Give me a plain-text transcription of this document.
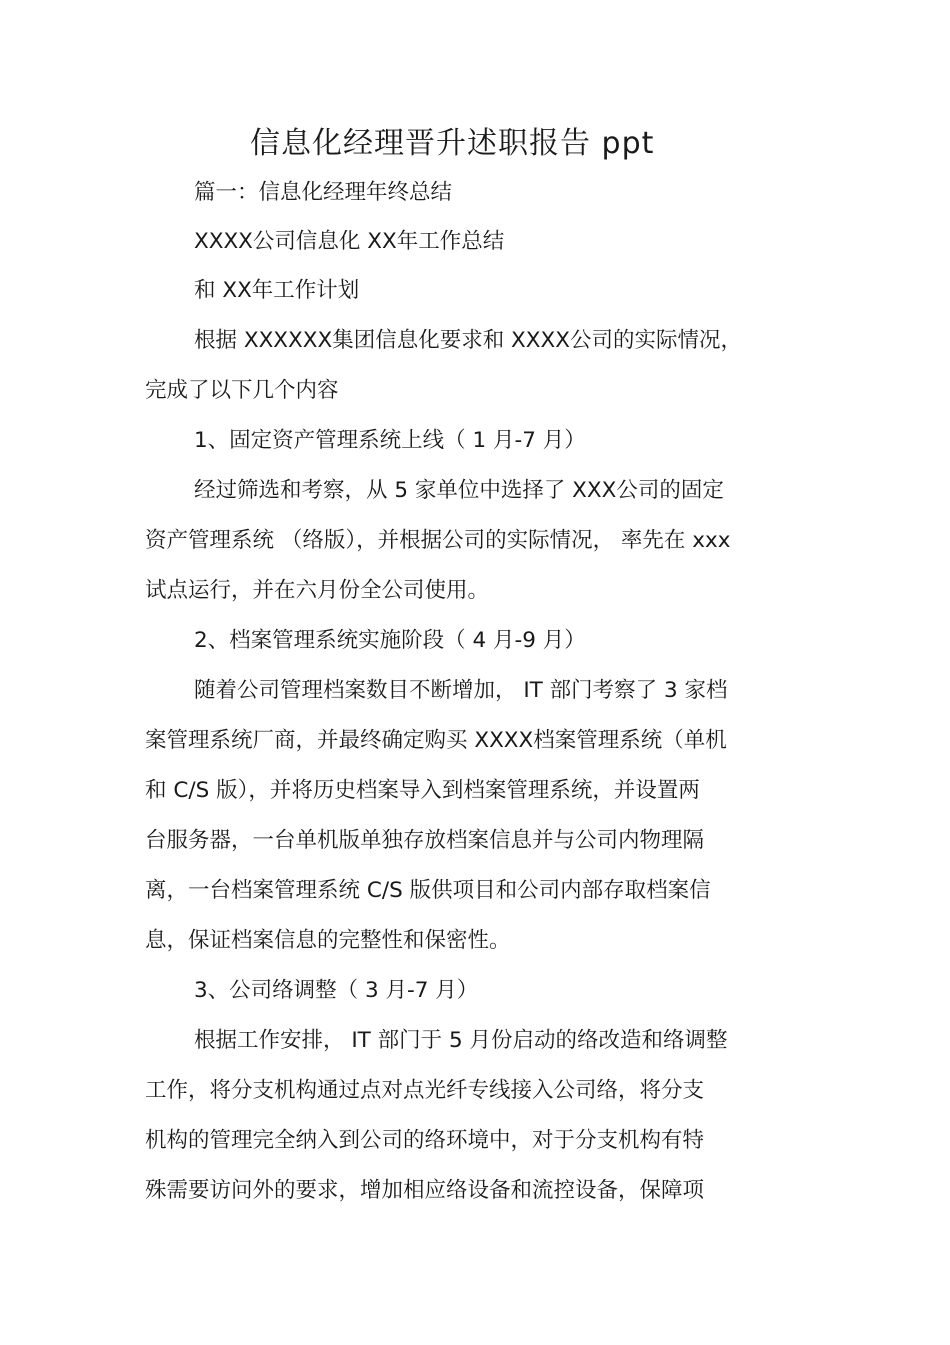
信息化经理晋升述职报告 ppt
篇一：信息化经理年终总结
XXXX公司信息化 XX年工作总结
和 XX年工作计划
根据 XXXXXX集团信息化要求和 XXXX公司的实际情况，
完成了以下几个内容
1、固定资产管理系统上线（ 1 月-7 月）
经过筛选和考察，从 5 家单位中选择了 XXX公司的固定
资产管理系统 （络版），并根据公司的实际情况， 率先在 xxx
试点运行，并在六月份全公司使用。
2、档案管理系统实施阶段（ 4 月-9 月）
随着公司管理档案数目不断增加， IT 部门考察了 3 家档
案管理系统厂商，并最终确定购买 XXXX档案管理系统（单机
和 C/S 版），并将历史档案导入到档案管理系统，并设置两
台服务器，一台单机版单独存放档案信息并与公司内物理隔
离，一台档案管理系统 C/S 版供项目和公司内部存取档案信
息，保证档案信息的完整性和保密性。
3、公司络调整（ 3 月-7 月）
根据工作安排， IT 部门于 5 月份启动的络改造和络调整
工作，将分支机构通过点对点光纤专线接入公司络，将分支
机构的管理完全纳入到公司的络环境中，对于分支机构有特
殊需要访问外的要求，增加相应络设备和流控设备，保障项
